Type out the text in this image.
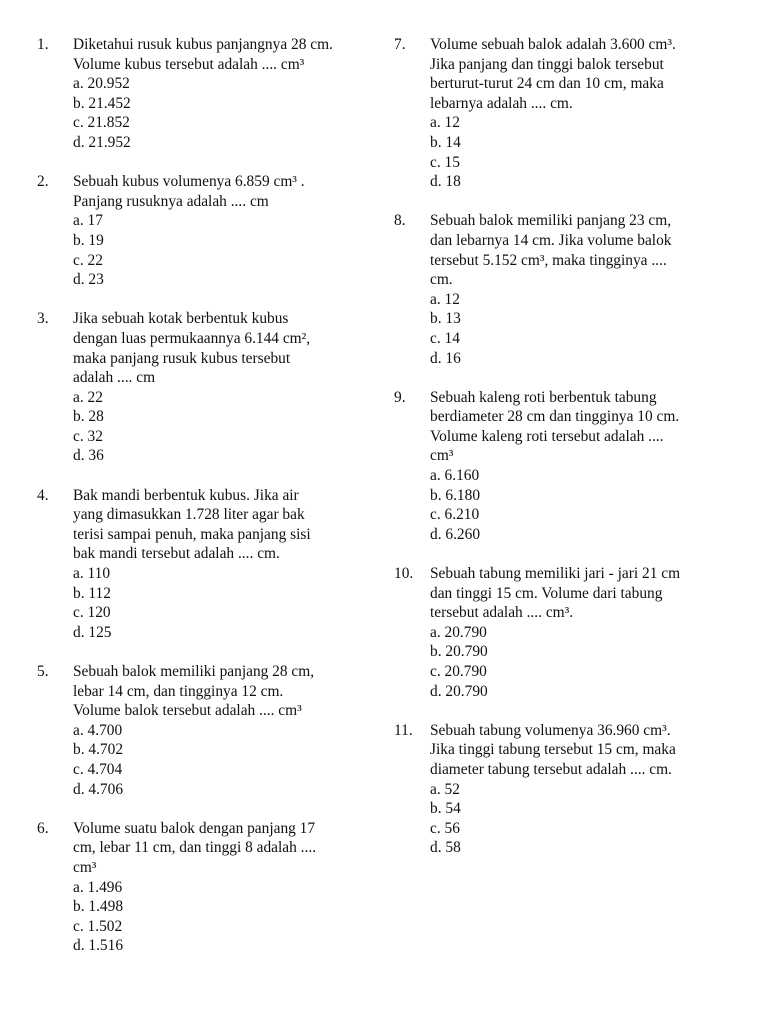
1.	Diketahui rusuk kubus panjangnya 28 cm.
Volume kubus tersebut adalah .... cm³
a. 20.952
b. 21.452
c. 21.852
d. 21.952
2.	Sebuah kubus volumenya 6.859 cm³ .
Panjang rusuknya adalah .... cm
a. 17
b. 19
c. 22
d. 23
3.	Jika sebuah kotak berbentuk kubus
dengan luas permukaannya 6.144 cm²,
maka panjang rusuk kubus tersebut
adalah .... cm
a. 22
b. 28
c. 32
d. 36
4.	Bak mandi berbentuk kubus. Jika air
yang dimasukkan 1.728 liter agar bak
terisi sampai penuh, maka panjang sisi
bak mandi tersebut adalah .... cm.
a. 110
b. 112
c. 120
d. 125
5.	Sebuah balok memiliki panjang 28 cm,
lebar 14 cm, dan tingginya 12 cm.
Volume balok tersebut adalah .... cm³
a. 4.700
b. 4.702
c. 4.704
d. 4.706
6.	Volume suatu balok dengan panjang 17
cm, lebar 11 cm, dan tinggi 8 adalah ....
cm³
a. 1.496
b. 1.498
c. 1.502
d. 1.516
7.	Volume sebuah balok adalah 3.600 cm³.
Jika panjang dan tinggi balok tersebut
berturut-turut 24 cm dan 10 cm, maka
lebarnya adalah .... cm.
a. 12
b. 14
c. 15
d. 18
8.	Sebuah balok memiliki panjang 23 cm,
dan lebarnya 14 cm. Jika volume balok
tersebut 5.152 cm³, maka tingginya ....
cm.
a. 12
b. 13
c. 14
d. 16
9.	Sebuah kaleng roti berbentuk tabung
berdiameter 28 cm dan tingginya 10 cm.
Volume kaleng roti tersebut adalah ....
cm³
a. 6.160
b. 6.180
c. 6.210
d. 6.260
10.	Sebuah tabung memiliki jari - jari 21 cm
dan tinggi 15 cm. Volume dari tabung
tersebut adalah .... cm³.
a. 20.790
b. 20.790
c. 20.790
d. 20.790
11.	Sebuah tabung volumenya 36.960 cm³.
Jika tinggi tabung tersebut 15 cm, maka
diameter tabung tersebut adalah .... cm.
a. 52
b. 54
c. 56
d. 58
